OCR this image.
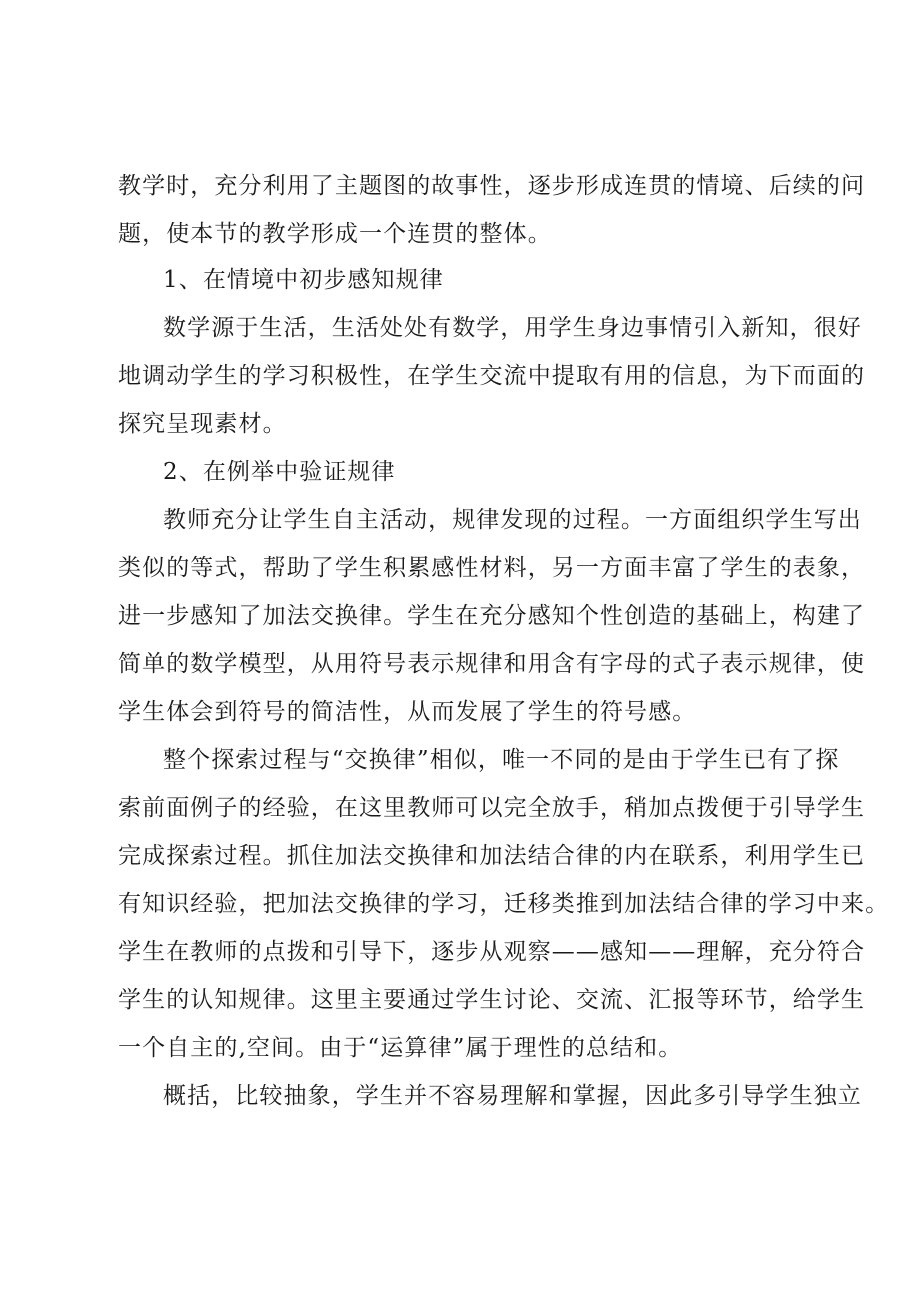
教学时，充分利用了主题图的故事性，逐步形成连贯的情境、后续的问
题，使本节的教学形成一个连贯的整体。
1、在情境中初步感知规律
数学源于生活，生活处处有数学，用学生身边事情引入新知，很好
地调动学生的学习积极性，在学生交流中提取有用的信息，为下而面的
探究呈现素材。
2、在例举中验证规律
教师充分让学生自主活动，规律发现的过程。一方面组织学生写出
类似的等式，帮助了学生积累感性材料，另一方面丰富了学生的表象，
进一步感知了加法交换律。学生在充分感知个性创造的基础上，构建了
简单的数学模型，从用符号表示规律和用含有字母的式子表示规律，使
学生体会到符号的简洁性，从而发展了学生的符号感。
整个探索过程与“交换律”相似，唯一不同的是由于学生已有了探
索前面例子的经验，在这里教师可以完全放手，稍加点拨便于引导学生
完成探索过程。抓住加法交换律和加法结合律的内在联系，利用学生已
有知识经验，把加法交换律的学习，迁移类推到加法结合律的学习中来。
学生在教师的点拨和引导下，逐步从观察——感知——理解，充分符合
学生的认知规律。这里主要通过学生讨论、交流、汇报等环节，给学生
一个自主的,空间。由于“运算律”属于理性的总结和。
概括，比较抽象，学生并不容易理解和掌握，因此多引导学生独立
